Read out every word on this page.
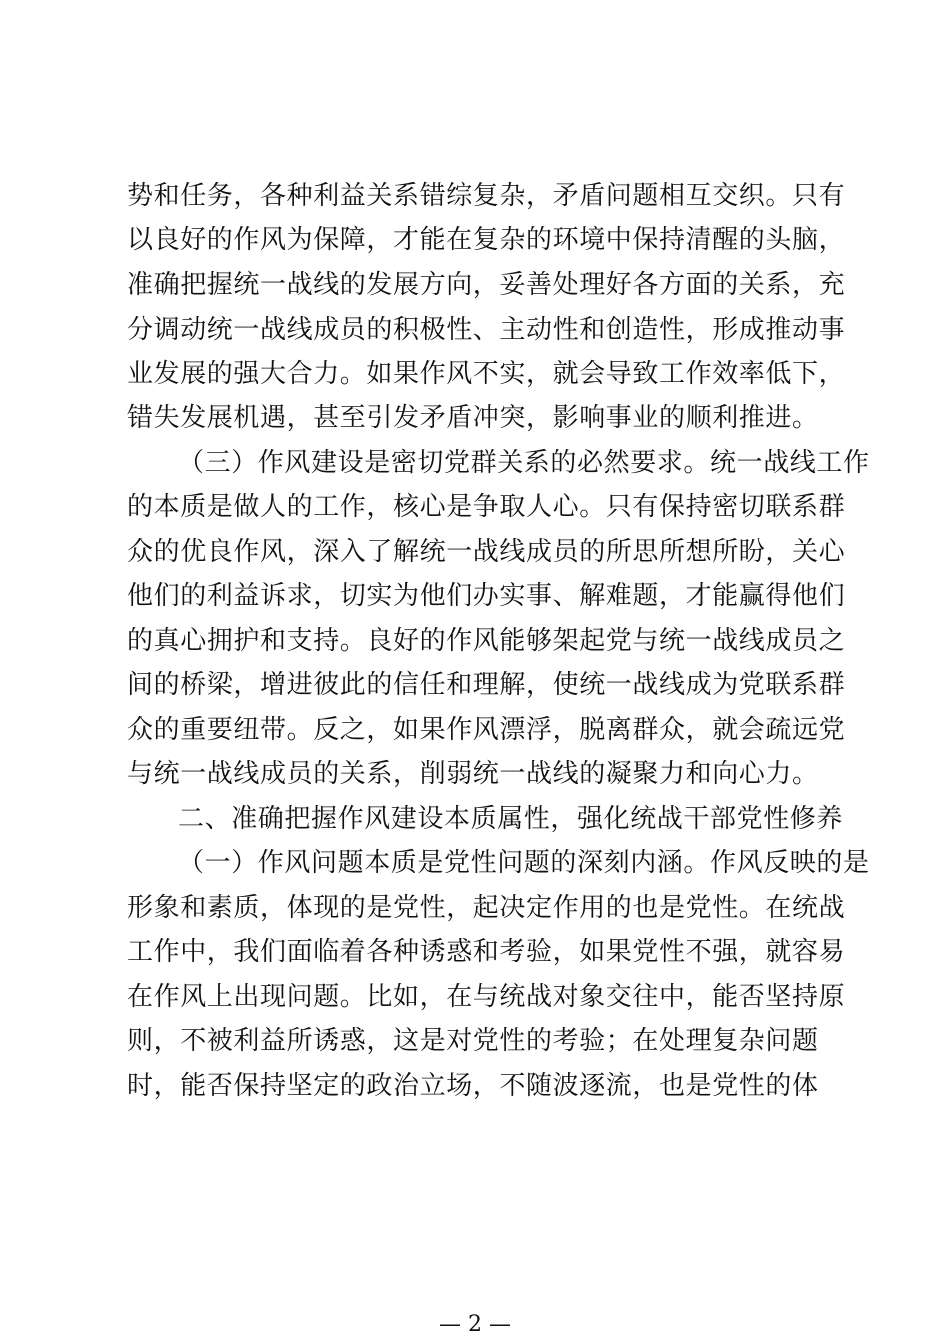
势和任务，各种利益关系错综复杂，矛盾问题相互交织。只有
以良好的作风为保障，才能在复杂的环境中保持清醒的头脑，
准确把握统一战线的发展方向，妥善处理好各方面的关系，充
分调动统一战线成员的积极性、主动性和创造性，形成推动事
业发展的强大合力。如果作风不实，就会导致工作效率低下，
错失发展机遇，甚至引发矛盾冲突，影响事业的顺利推进。
（三）作风建设是密切党群关系的必然要求。统一战线工作
的本质是做人的工作，核心是争取人心。只有保持密切联系群
众的优良作风，深入了解统一战线成员的所思所想所盼，关心
他们的利益诉求，切实为他们办实事、解难题，才能赢得他们
的真心拥护和支持。良好的作风能够架起党与统一战线成员之
间的桥梁，增进彼此的信任和理解，使统一战线成为党联系群
众的重要纽带。反之，如果作风漂浮，脱离群众，就会疏远党
与统一战线成员的关系，削弱统一战线的凝聚力和向心力。
二、准确把握作风建设本质属性，强化统战干部党性修养
（一）作风问题本质是党性问题的深刻内涵。作风反映的是
形象和素质，体现的是党性，起决定作用的也是党性。在统战
工作中，我们面临着各种诱惑和考验，如果党性不强，就容易
在作风上出现问题。比如，在与统战对象交往中，能否坚持原
则，不被利益所诱惑，这是对党性的考验；在处理复杂问题
时，能否保持坚定的政治立场，不随波逐流，也是党性的体
— 2 —
